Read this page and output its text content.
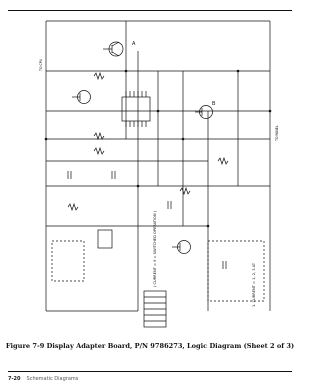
( CURRENT = 9 = SWITCHED OPERATION )	1. CURRENT = 1, 2, 3 AT
A
B
TO CPU
TO PANEL
Figure 7-9 Display Adapter Board, P/N 9786273, Logic Diagram (Sheet 2 of 3)
7-20 Schematic Diagrams
